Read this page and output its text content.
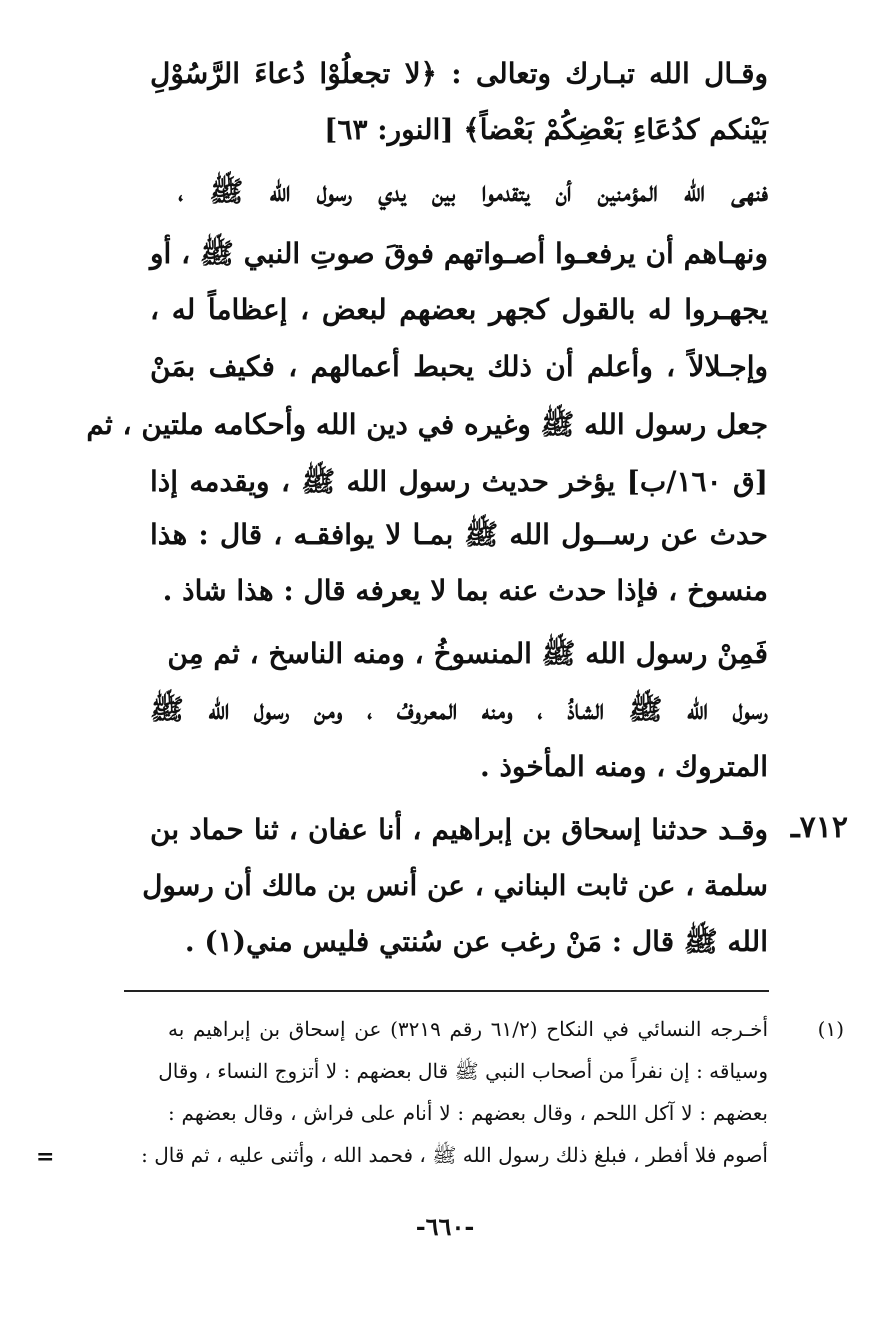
وقـال الله تبـارك وتعالى : ﴿لا تجعلُوْا دُعاءَ الرَّسُوْلِ
بَيْنكم كدُعَاءِ بَعْضِكُمْ بَعْضاً﴾ [النور: ٦٣]
فنهى الله المؤمنين أن يتقدموا بين يدي رسول الله ﷺ ،
ونهـاهم أن يرفعـوا أصـواتهم فوقَ صوتِ النبي ﷺ ، أو
يجهـروا له بالقول كجهر بعضهم لبعض ، إعظاماً له ،
وإجـلالاً ، وأعلم أن ذلك يحبط أعمالهم ، فكيف بمَنْ
جعل رسول الله ﷺ وغيره في دين الله وأحكامه ملتين ، ثم
[ق ١٦٠/ب] يؤخر حديث رسول الله ﷺ ، ويقدمه إذا
حدث عن رســول الله ﷺ بمـا لا يوافقـه ، قال : هذا
منسوخ ، فإذا حدث عنه بما لا يعرفه قال : هذا شاذ .
فَمِنْ رسول الله ﷺ المنسوخُ ، ومنه الناسخ ، ثم مِن
رسول الله ﷺ الشاذُ ، ومنه المعروفُ ، ومن رسول الله ﷺ
المتروك ، ومنه المأخوذ .
وقـد حدثنا إسحاق بن إبراهيم ، أنا عفان ، ثنا حماد بن
سلمة ، عن ثابت البناني ، عن أنس بن مالك أن رسول
الله ﷺ قال : مَنْ رغب عن سُنتي فليس مني(١) .
٧١٢ـ
(١)
أخـرجه النسائي في النكاح (٦١/٢ رقم ٣٢١٩) عن إسحاق بن إبراهيم به
وسياقه : إن نفراً من أصحاب النبي ﷺ قال بعضهم : لا أتزوج النساء ، وقال
بعضهم : لا آكل اللحم ، وقال بعضهم : لا أنام على فراش ، وقال بعضهم :
أصوم فلا أفطر ، فبلغ ذلك رسول الله ﷺ ، فحمد الله ، وأثنى عليه ، ثم قال :
=
-٦٦٠-
